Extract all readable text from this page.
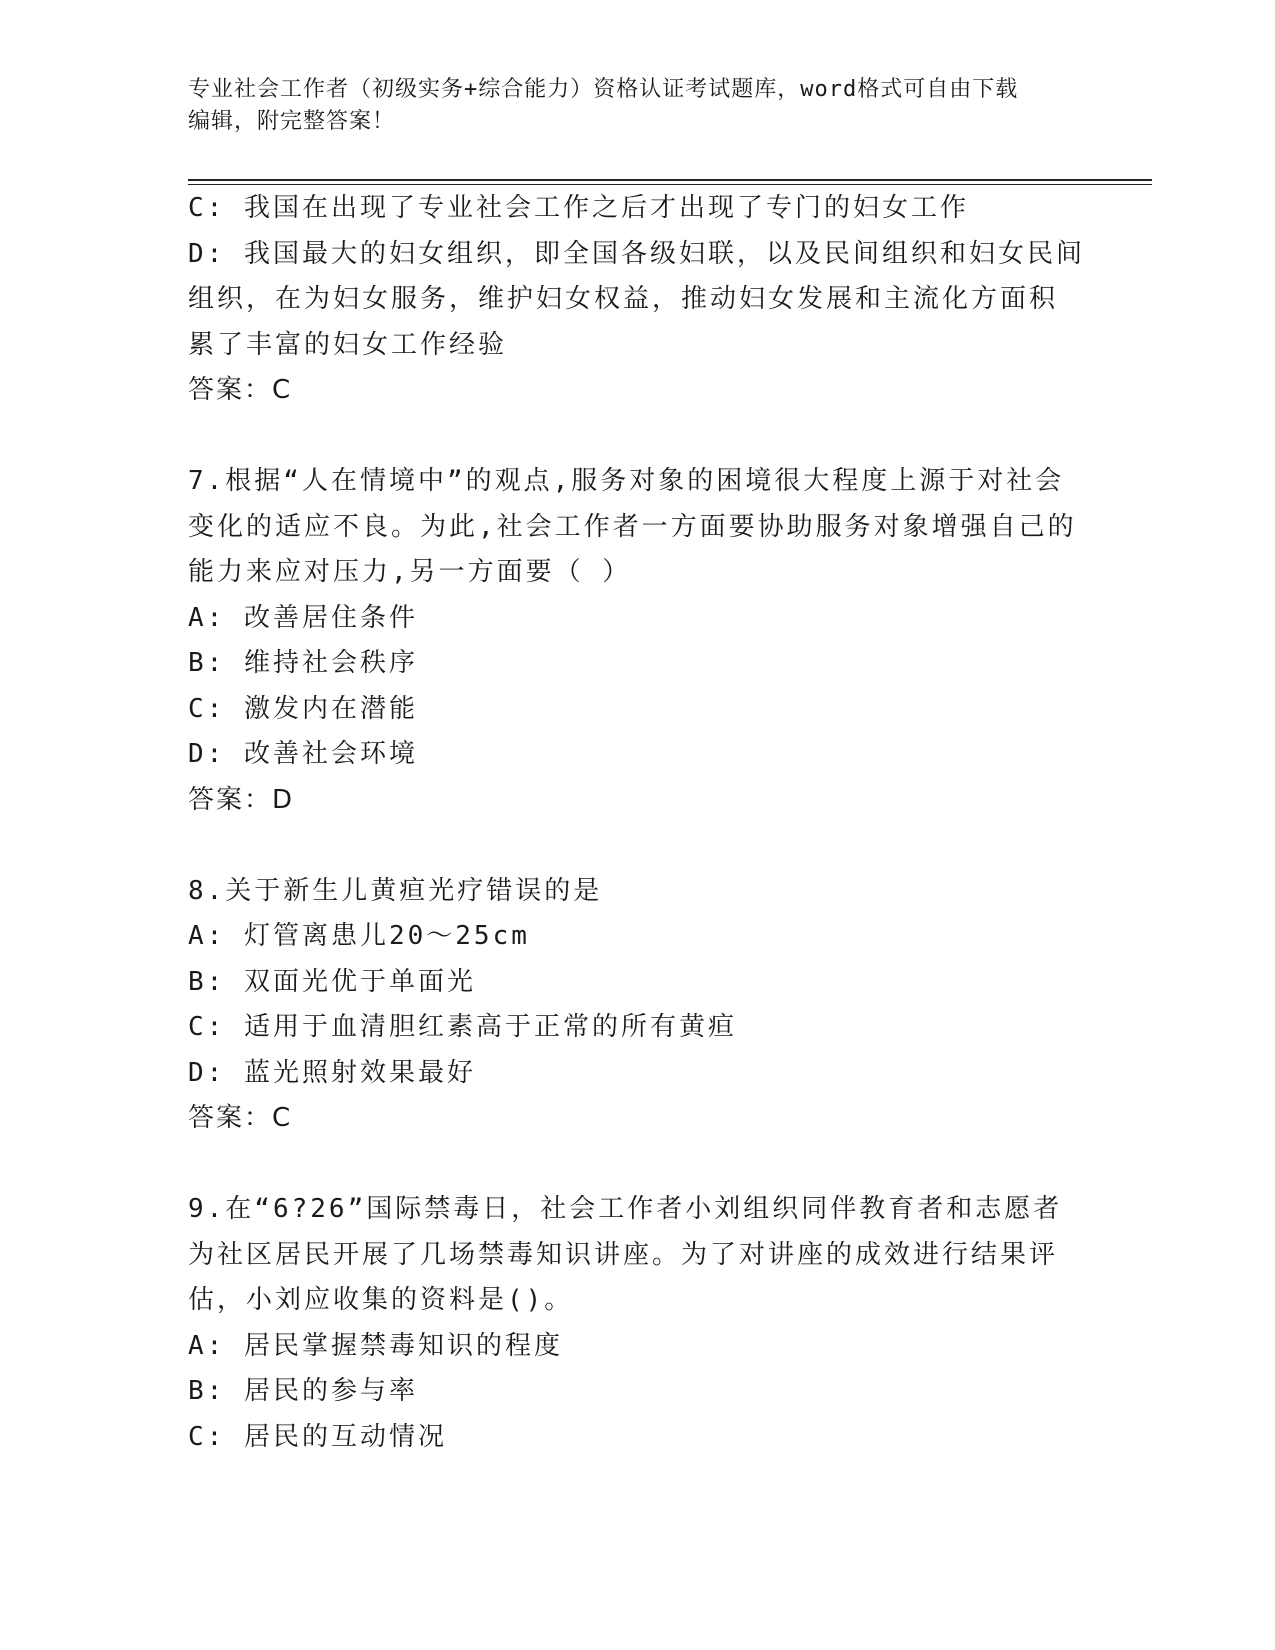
专业社会工作者（初级实务+综合能力）资格认证考试题库，word格式可自由下载
编辑，附完整答案！
C: 我国在出现了专业社会工作之后才出现了专门的妇女工作
D: 我国最大的妇女组织，即全国各级妇联，以及民间组织和妇女民间
组织，在为妇女服务，维护妇女权益，推动妇女发展和主流化方面积
累了丰富的妇女工作经验
答案：C
7.根据“人在情境中”的观点,服务对象的困境很大程度上源于对社会
变化的适应不良。为此,社会工作者一方面要协助服务对象增强自己的
能力来应对压力,另一方面要（ ）
A: 改善居住条件
B: 维持社会秩序
C: 激发内在潜能
D: 改善社会环境
答案：D
8.关于新生儿黄疸光疗错误的是
A: 灯管离患儿20～25cm
B: 双面光优于单面光
C: 适用于血清胆红素高于正常的所有黄疸
D: 蓝光照射效果最好
答案：C
9.在“6?26”国际禁毒日，社会工作者小刘组织同伴教育者和志愿者
为社区居民开展了几场禁毒知识讲座。为了对讲座的成效进行结果评
估，小刘应收集的资料是()。
A: 居民掌握禁毒知识的程度
B: 居民的参与率
C: 居民的互动情况
